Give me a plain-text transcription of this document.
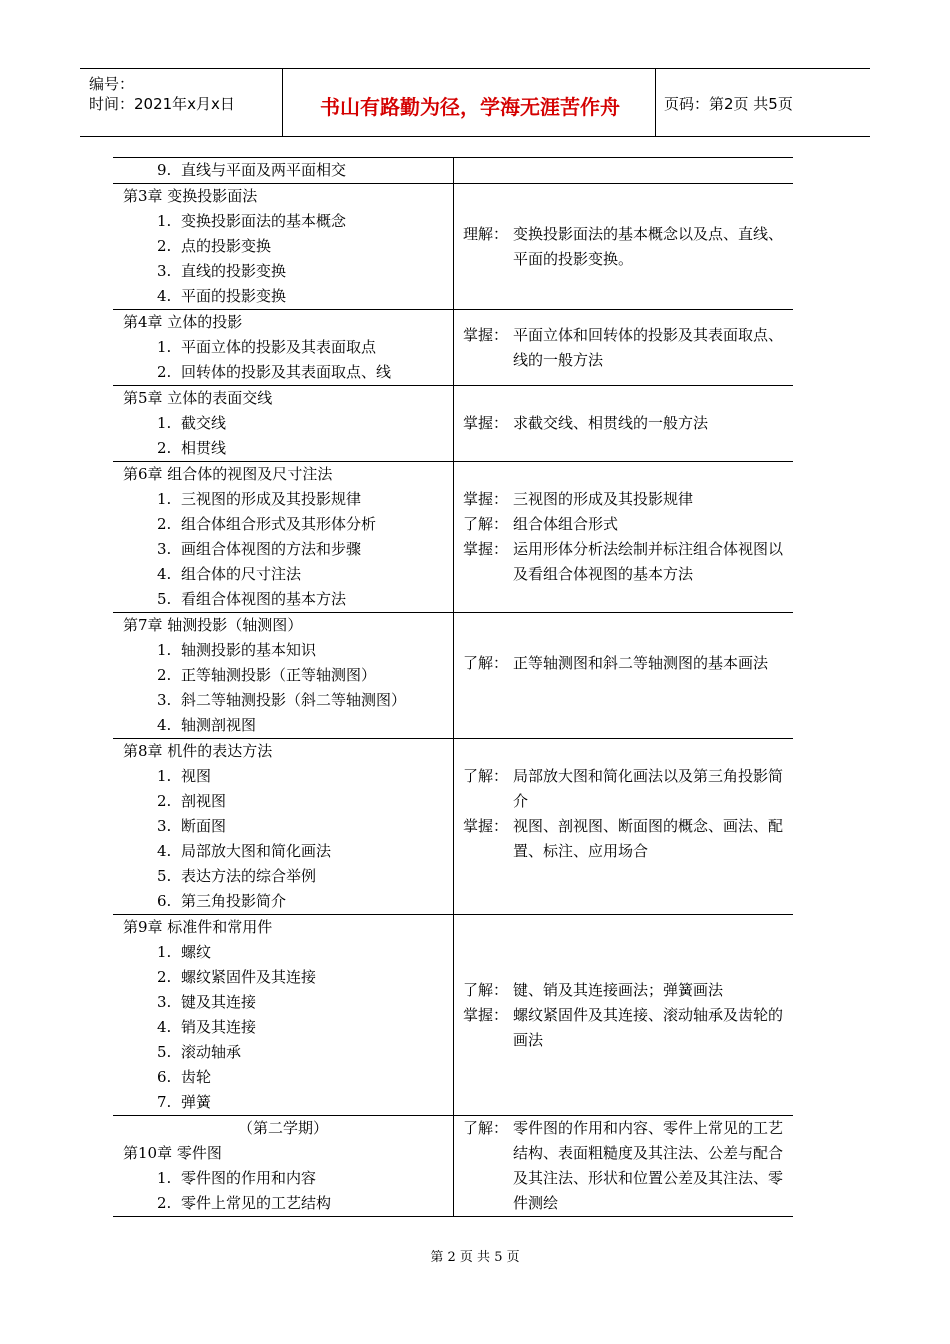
编号：
时间：2021年x月x日	书山有路勤为径，学海无涯苦作舟	页码：第2页 共5页
9. 直线与平面及两平面相交
第3章 变换投影面法
1. 变换投影面法的基本概念
2. 点的投影变换
3. 直线的投影变换
4. 平面的投影变换
理解： 变换投影面法的基本概念以及点、直线、平面的投影变换。
第4章 立体的投影
1. 平面立体的投影及其表面取点
2. 回转体的投影及其表面取点、线
掌握： 平面立体和回转体的投影及其表面取点、线的一般方法
第5章 立体的表面交线
1. 截交线
2. 相贯线
掌握： 求截交线、相贯线的一般方法
第6章 组合体的视图及尺寸注法
1. 三视图的形成及其投影规律
2. 组合体组合形式及其形体分析
3. 画组合体视图的方法和步骤
4. 组合体的尺寸注法
5. 看组合体视图的基本方法
掌握： 三视图的形成及其投影规律
了解： 组合体组合形式
掌握： 运用形体分析法绘制并标注组合体视图以及看组合体视图的基本方法
第7章 轴测投影（轴测图）
1. 轴测投影的基本知识
2. 正等轴测投影（正等轴测图）
3. 斜二等轴测投影（斜二等轴测图）
4. 轴测剖视图
了解： 正等轴测图和斜二等轴测图的基本画法
第8章 机件的表达方法
1. 视图
2. 剖视图
3. 断面图
4. 局部放大图和简化画法
5. 表达方法的综合举例
6. 第三角投影简介
了解： 局部放大图和简化画法以及第三角投影简介
掌握： 视图、剖视图、断面图的概念、画法、配置、标注、应用场合
第9章 标准件和常用件
1. 螺纹
2. 螺纹紧固件及其连接
3. 键及其连接
4. 销及其连接
5. 滚动轴承
6. 齿轮
7. 弹簧
了解： 键、销及其连接画法；弹簧画法
掌握： 螺纹紧固件及其连接、滚动轴承及齿轮的画法
（第二学期）
第10章 零件图
1. 零件图的作用和内容
2. 零件上常见的工艺结构
了解： 零件图的作用和内容、零件上常见的工艺结构、表面粗糙度及其注法、公差与配合及其注法、形状和位置公差及其注法、零件测绘
第 2 页 共 5 页
